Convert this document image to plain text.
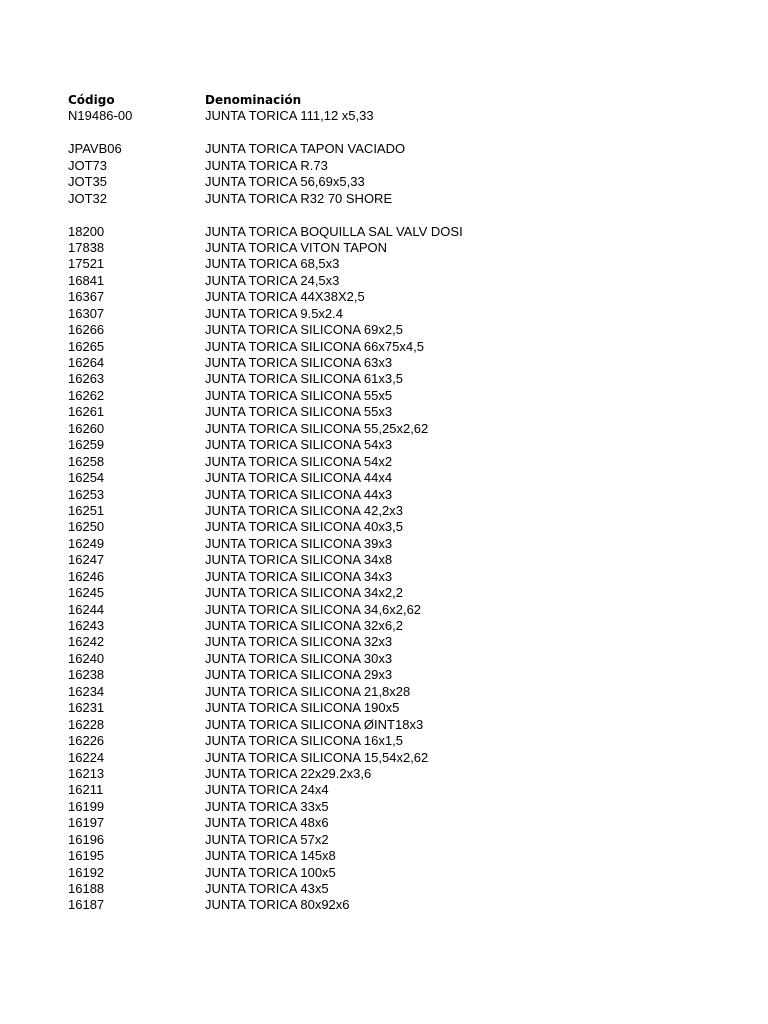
Código	Denominación
N19486-00	JUNTA TORICA 111,12 x5,33
JPAVB06	JUNTA TORICA TAPON VACIADO
JOT73	JUNTA TORICA R.73
JOT35	JUNTA TORICA 56,69x5,33
JOT32	JUNTA TORICA R32 70 SHORE
18200	JUNTA TORICA BOQUILLA SAL VALV DOSI
17838	JUNTA TORICA VITON TAPON
17521	JUNTA TORICA 68,5x3
16841	JUNTA TORICA 24,5x3
16367	JUNTA TORICA 44X38X2,5
16307	JUNTA TORICA 9.5x2.4
16266	JUNTA TORICA SILICONA 69x2,5
16265	JUNTA TORICA SILICONA 66x75x4,5
16264	JUNTA TORICA SILICONA 63x3
16263	JUNTA TORICA SILICONA 61x3,5
16262	JUNTA TORICA SILICONA 55x5
16261	JUNTA TORICA SILICONA 55x3
16260	JUNTA TORICA SILICONA 55,25x2,62
16259	JUNTA TORICA SILICONA 54x3
16258	JUNTA TORICA SILICONA 54x2
16254	JUNTA TORICA SILICONA 44x4
16253	JUNTA TORICA SILICONA 44x3
16251	JUNTA TORICA SILICONA 42,2x3
16250	JUNTA TORICA SILICONA 40x3,5
16249	JUNTA TORICA SILICONA 39x3
16247	JUNTA TORICA SILICONA 34x8
16246	JUNTA TORICA SILICONA 34x3
16245	JUNTA TORICA SILICONA 34x2,2
16244	JUNTA TORICA SILICONA 34,6x2,62
16243	JUNTA TORICA SILICONA 32x6,2
16242	JUNTA TORICA SILICONA 32x3
16240	JUNTA TORICA SILICONA 30x3
16238	JUNTA TORICA SILICONA 29x3
16234	JUNTA TORICA SILICONA 21,8x28
16231	JUNTA TORICA SILICONA 190x5
16228	JUNTA TORICA SILICONA ØINT18x3
16226	JUNTA TORICA SILICONA 16x1,5
16224	JUNTA TORICA SILICONA 15,54x2,62
16213	JUNTA TORICA 22x29.2x3,6
16211	JUNTA TORICA 24x4
16199	JUNTA TORICA 33x5
16197	JUNTA TORICA 48x6
16196	JUNTA TORICA 57x2
16195	JUNTA TORICA 145x8
16192	JUNTA TORICA 100x5
16188	JUNTA TORICA 43x5
16187	JUNTA TORICA 80x92x6
